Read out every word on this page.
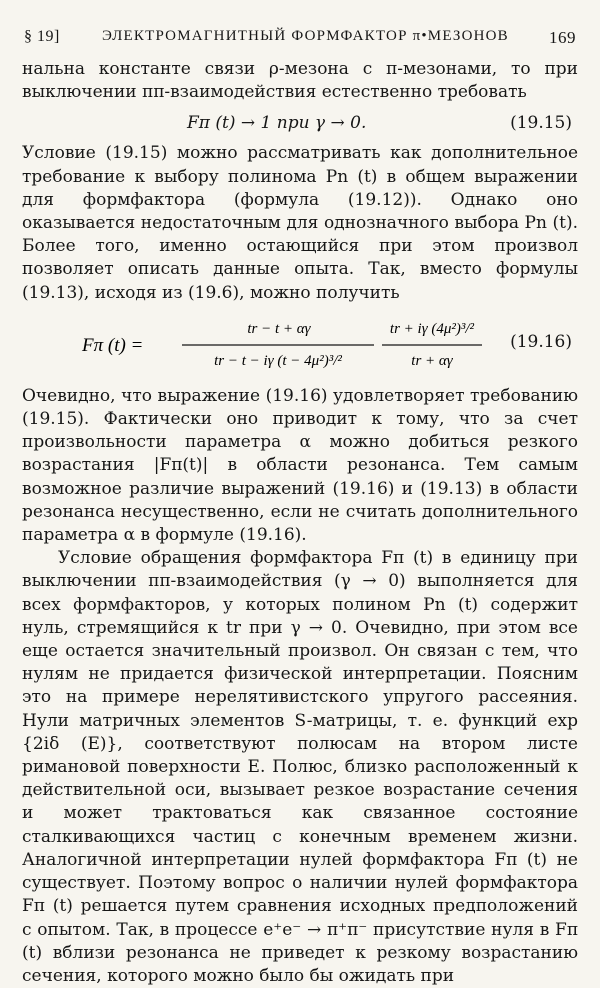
§ 19]	ЭЛЕКТРОМАГНИТНЫЙ ФОРМФАКТОР π•МЕЗОНОВ 169

нальна константе связи ρ-мезона с π-мезонами, то при выключении ππ-взаимодействия естественно требовать

Fπ (t) → 1 при γ → 0.	(19.15)

Условие (19.15) можно рассматривать как дополнительное требование к выбору полинома Pn (t) в общем выражении для формфактора (формула (19.12)). Однако оно оказывается недостаточным для однозначного выбора Pn (t). Более того, именно остающийся при этом произвол позволяет описать данные опыта. Так, вместо формулы (19.13), исходя из (19.6), можно получить

Fπ (t) =
tr − t + αγ
tr − t − iγ (t − 4μ²)³/²
tr + iγ (4μ²)³/²
tr + αγ
(19.16)

Очевидно, что выражение (19.16) удовлетворяет требованию (19.15). Фактически оно приводит к тому, что за счет произвольности параметра α можно добиться резкого возрастания |Fπ(t)| в области резонанса. Тем самым возможное различие выражений (19.16) и (19.13) в области резонанса несущественно, если не считать дополнительного параметра α в формуле (19.16).

Условие обращения формфактора Fπ (t) в единицу при выключении ππ-взаимодействия (γ → 0) выполняется для всех формфакторов, у которых полином Pn (t) содержит нуль, стремящийся к tr при γ → 0. Очевидно, при этом все еще остается значительный произвол. Он связан с тем, что нулям не придается физической интерпретации. Поясним это на примере нерелятивистского упругого рассеяния. Нули матричных элементов S-матрицы, т. е. функций exp {2iδ (E)}, соответствуют полюсам на втором листе римановой поверхности E. Полюс, близко расположенный к действительной оси, вызывает резкое возрастание сечения и может трактоваться как связанное состояние сталкивающихся частиц с конечным временем жизни. Аналогичной интерпретации нулей формфактора Fπ (t) не существует. Поэтому вопрос о наличии нулей формфактора Fπ (t) решается путем сравнения исходных предположений с опытом. Так, в процессе e⁺e⁻ → π⁺π⁻ присутствие нуля в Fπ (t) вблизи резонанса не приведет к резкому возрастанию сечения, которого можно было бы ожидать при
